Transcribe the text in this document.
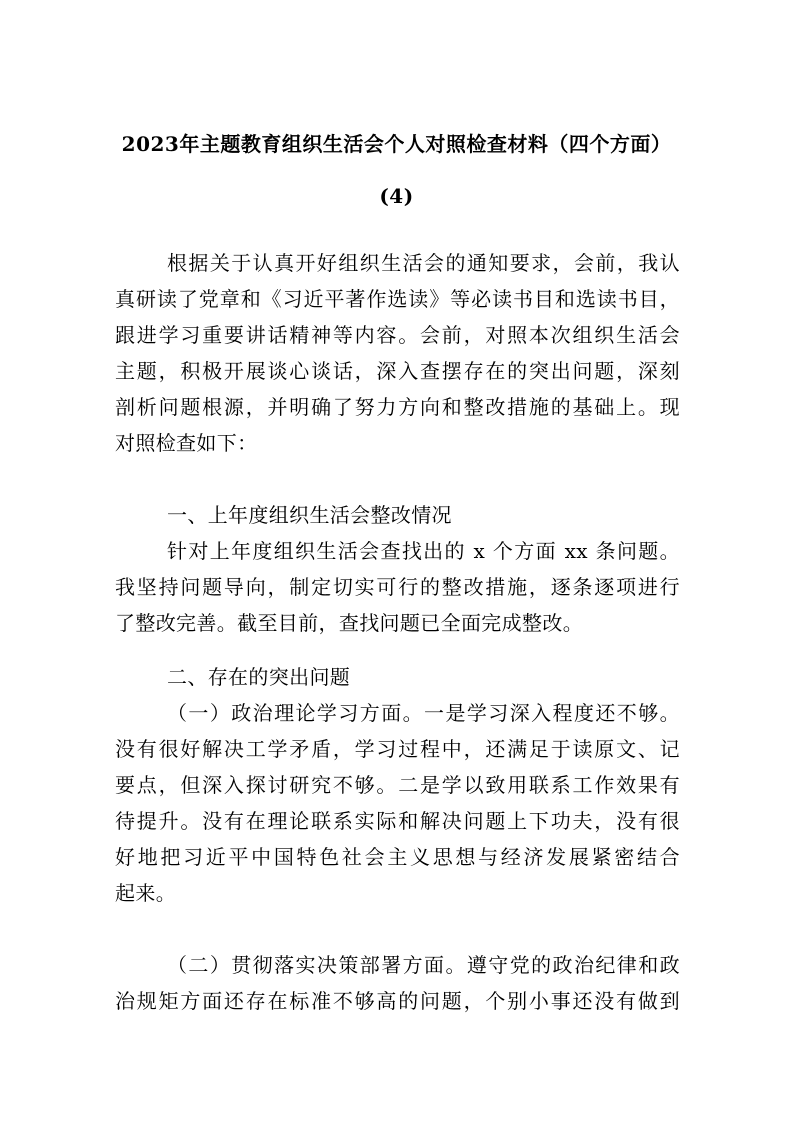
2023年主题教育组织生活会个人对照检查材料（四个方面）
(4)
根据关于认真开好组织生活会的通知要求，会前，我认
真研读了党章和《习近平著作选读》等必读书目和选读书目，
跟进学习重要讲话精神等内容。会前，对照本次组织生活会
主题，积极开展谈心谈话，深入查摆存在的突出问题，深刻
剖析问题根源，并明确了努力方向和整改措施的基础上。现
对照检查如下：
一、上年度组织生活会整改情况
针对上年度组织生活会查找出的 x 个方面 xx 条问题。
我坚持问题导向，制定切实可行的整改措施，逐条逐项进行
了整改完善。截至目前，查找问题已全面完成整改。
二、存在的突出问题
（一）政治理论学习方面。一是学习深入程度还不够。
没有很好解决工学矛盾，学习过程中，还满足于读原文、记
要点，但深入探讨研究不够。二是学以致用联系工作效果有
待提升。没有在理论联系实际和解决问题上下功夫，没有很
好地把习近平中国特色社会主义思想与经济发展紧密结合
起来。
（二）贯彻落实决策部署方面。遵守党的政治纪律和政
治规矩方面还存在标准不够高的问题，个别小事还没有做到
